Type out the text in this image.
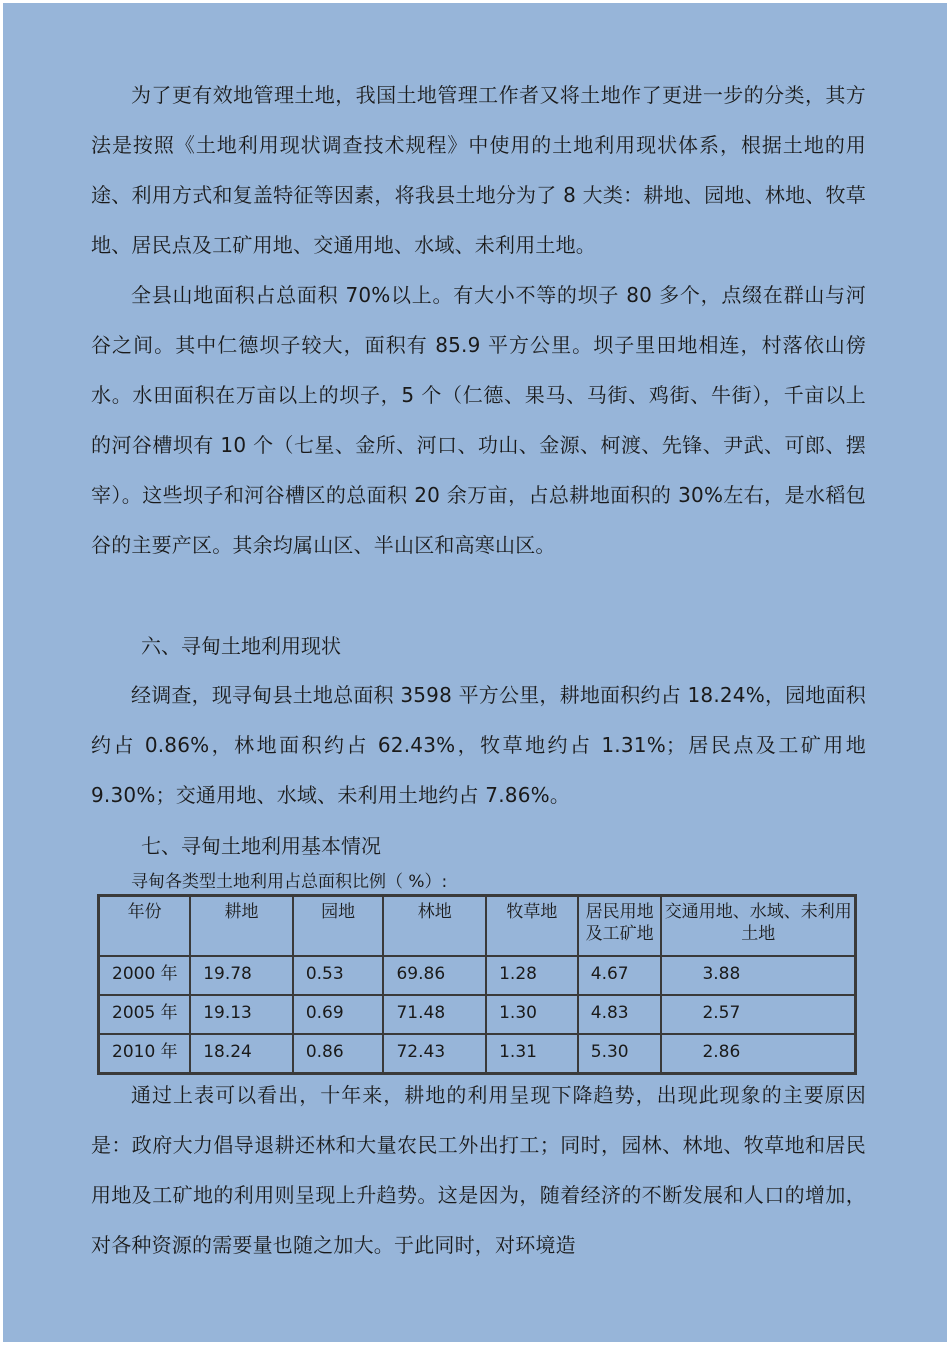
为了更有效地管理土地，我国土地管理工作者又将土地作了更进一步的分类，其方法是按照《土地利用现状调查技术规程》中使用的土地利用现状体系，根据土地的用途、利用方式和复盖特征等因素，将我县土地分为了 8 大类：耕地、园地、林地、牧草地、居民点及工矿用地、交通用地、水域、未利用土地。

全县山地面积占总面积 70%以上。有大小不等的坝子 80 多个，点缀在群山与河谷之间。其中仁德坝子较大，面积有 85.9 平方公里。坝子里田地相连，村落依山傍水。水田面积在万亩以上的坝子，5 个（仁德、果马、马街、鸡街、牛街），千亩以上的河谷槽坝有 10 个（七星、金所、河口、功山、金源、柯渡、先锋、尹武、可郎、摆宰）。这些坝子和河谷槽区的总面积 20 余万亩，占总耕地面积的 30%左右，是水稻包谷的主要产区。其余均属山区、半山区和高寒山区。

六、寻甸土地利用现状

经调查，现寻甸县土地总面积 3598 平方公里，耕地面积约占 18.24%，园地面积约占 0.86%，林地面积约占 62.43%，牧草地约占 1.31%；居民点及工矿用地 9.30%；交通用地、水域、未利用土地约占 7.86%。

七、寻甸土地利用基本情况
寻甸各类型土地利用占总面积比例（ %）:
年份	耕地	园地	林地	牧草地	居民用地及工矿地	交通用地、水域、未利用土地
2000 年	19.78	0.53	69.86	1.28	4.67	3.88
2005 年	19.13	0.69	71.48	1.30	4.83	2.57
2010 年	18.24	0.86	72.43	1.31	5.30	2.86

通过上表可以看出，十年来，耕地的利用呈现下降趋势，出现此现象的主要原因是：政府大力倡导退耕还林和大量农民工外出打工；同时，园林、林地、牧草地和居民用地及工矿地的利用则呈现上升趋势。这是因为，随着经济的不断发展和人口的增加，对各种资源的需要量也随之加大。于此同时，对环境造
